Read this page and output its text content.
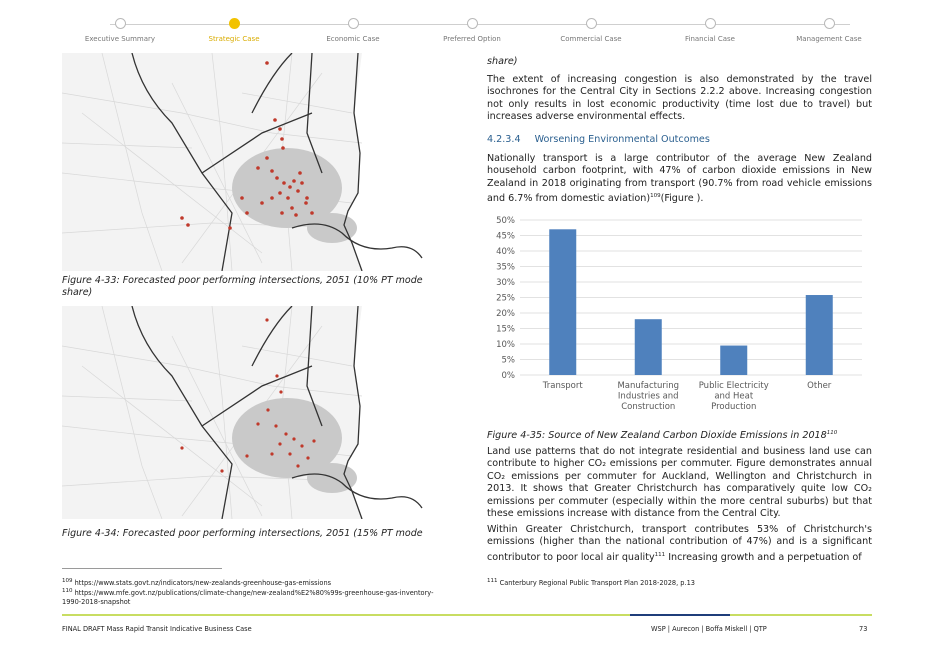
Executive Summary	Strategic Case	Economic Case	Preferred Option	Commercial Case	Financial Case	Management Case
Figure 4-33: Forecasted poor performing intersections, 2051 (10% PT mode share)
Figure 4-34: Forecasted poor performing intersections, 2051 (15% PT mode
share)
The extent of increasing congestion is also demonstrated by the travel isochrones for the Central City in Sections 2.2.2 above. Increasing congestion not only results in lost economic productivity (time lost due to travel) but increases adverse environmental effects.
4.2.3.4 Worsening Environmental Outcomes
Nationally transport is a large contributor of the average New Zealand household carbon footprint, with 47% of carbon dioxide emissions in New Zealand in 2018 originating from transport (90.7% from road vehicle emissions and 6.7% from domestic aviation)$^{109}$(Figure ).
0%
5%
10%
15%
20%
25%
30%
35%
40%
45%
50%
Transport	Manufacturing Industries and Construction
Public Electricity and Heat Production
Other
Figure 4-35: Source of New Zealand Carbon Dioxide Emissions in 2018$^{110}$
Land use patterns that do not integrate residential and business land use can contribute to higher CO₂ emissions per commuter. Figure demonstrates annual CO₂ emissions per commuter for Auckland, Wellington and Christchurch in 2013. It shows that Greater Christchurch has comparatively quite low CO₂ emissions per commuter (especially within the more central suburbs) but that these emissions increase with distance from the Central City.
Within Greater Christchurch, transport contributes 53% of Christchurch's emissions (higher than the national contribution of 47%) and is a significant contributor to poor local air quality$^{111}$ Increasing growth and a perpetuation of
$^{109}$ https://www.stats.govt.nz/indicators/new-zealands-greenhouse-gas-emissions
$^{110}$ https://www.mfe.govt.nz/publications/climate-change/new-zealand%E2%80%99s-greenhouse-gas-inventory-1990-2018-snapshot
$^{111}$ Canterbury Regional Public Transport Plan 2018-2028, p.13
FINAL DRAFT Mass Rapid Transit Indicative Business Case	WSP | Aurecon | Boffa Miskell | QTP	73
